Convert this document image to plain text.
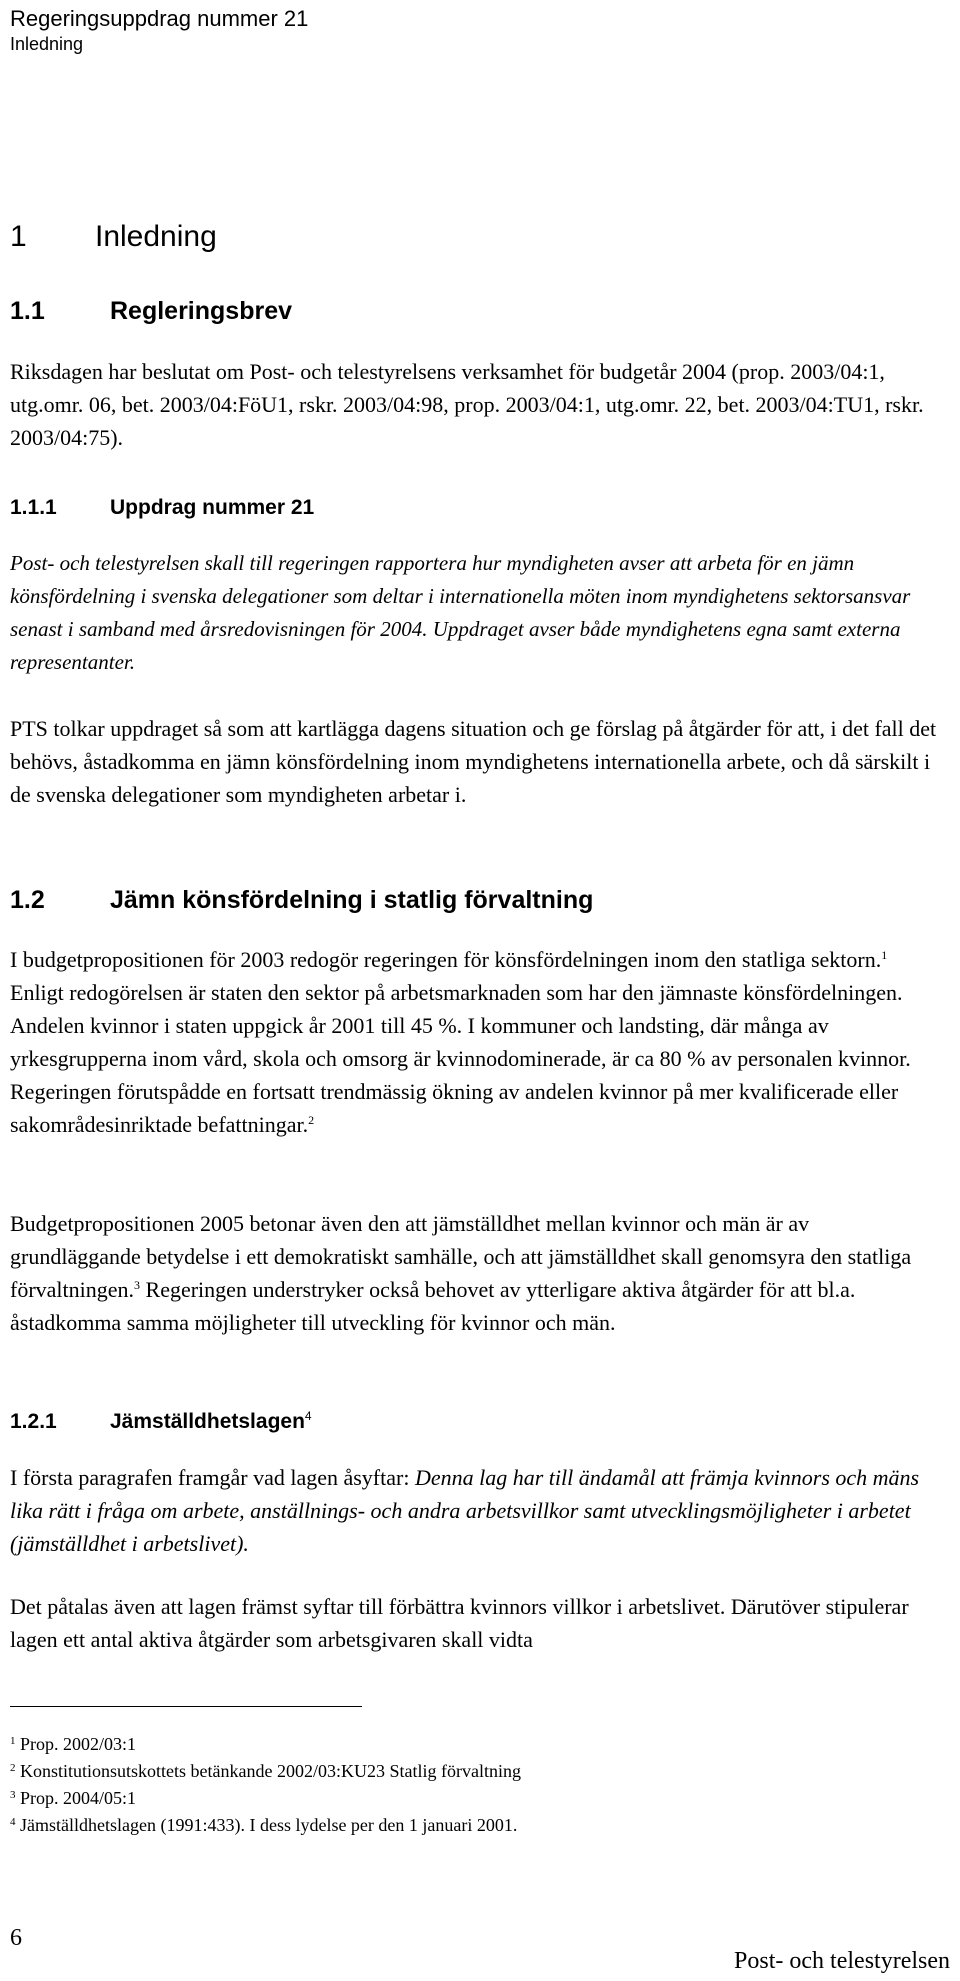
Regeringsuppdrag nummer 21
Inledning
1 Inledning
1.1	Regleringsbrev

Riksdagen har beslutat om Post- och telestyrelsens verksamhet för budgetår 2004 (prop. 2003/04:1, utg.omr. 06, bet. 2003/04:FöU1, rskr. 2003/04:98, prop. 2003/04:1, utg.omr. 22, bet. 2003/04:TU1, rskr. 2003/04:75).

1.1.1	Uppdrag nummer 21

Post- och telestyrelsen skall till regeringen rapportera hur myndigheten avser att arbeta för en jämn könsfördelning i svenska delegationer som deltar i internationella möten inom myndighetens sektorsansvar senast i samband med årsredovisningen för 2004. Uppdraget avser både myndighetens egna samt externa representanter.

PTS tolkar uppdraget så som att kartlägga dagens situation och ge förslag på åtgärder för att, i det fall det behövs, åstadkomma en jämn könsfördelning inom myndighetens internationella arbete, och då särskilt i de svenska delegationer som myndigheten arbetar i.

1.2	Jämn könsfördelning i statlig förvaltning

I budgetpropositionen för 2003 redogör regeringen för könsfördelningen inom den statliga sektorn.$^1$ Enligt redogörelsen är staten den sektor på arbetsmarknaden som har den jämnaste könsfördelningen. Andelen kvinnor i staten uppgick år 2001 till 45 %. I kommuner och landsting, där många av yrkesgrupperna inom vård, skola och omsorg är kvinnodominerade, är ca 80 % av personalen kvinnor. Regeringen förutspådde en fortsatt trendmässig ökning av andelen kvinnor på mer kvalificerade eller sakområdesinriktade befattningar.$^2$

Budgetpropositionen 2005 betonar även den att jämställdhet mellan kvinnor och män är av grundläggande betydelse i ett demokratiskt samhälle, och att jämställdhet skall genomsyra den statliga förvaltningen.$^3$ Regeringen understryker också behovet av ytterligare aktiva åtgärder för att bl.a. åstadkomma samma möjligheter till utveckling för kvinnor och män.

1.2.1	Jämställdhetslagen$^4$

I första paragrafen framgår vad lagen åsyftar: Denna lag har till ändamål att främja kvinnors och mäns lika rätt i fråga om arbete, anställnings- och andra arbetsvillkor samt utvecklingsmöjligheter i arbetet (jämställdhet i arbetslivet).

Det påtalas även att lagen främst syftar till förbättra kvinnors villkor i arbetslivet. Därutöver stipulerar lagen ett antal aktiva åtgärder som arbetsgivaren skall vidta

$^1$ Prop. 2002/03:1
$^2$ Konstitutionsutskottets betänkande 2002/03:KU23 Statlig förvaltning
$^3$ Prop. 2004/05:1
$^4$ Jämställdhetslagen (1991:433). I dess lydelse per den 1 januari 2001.
6
Post- och telestyrelsen
